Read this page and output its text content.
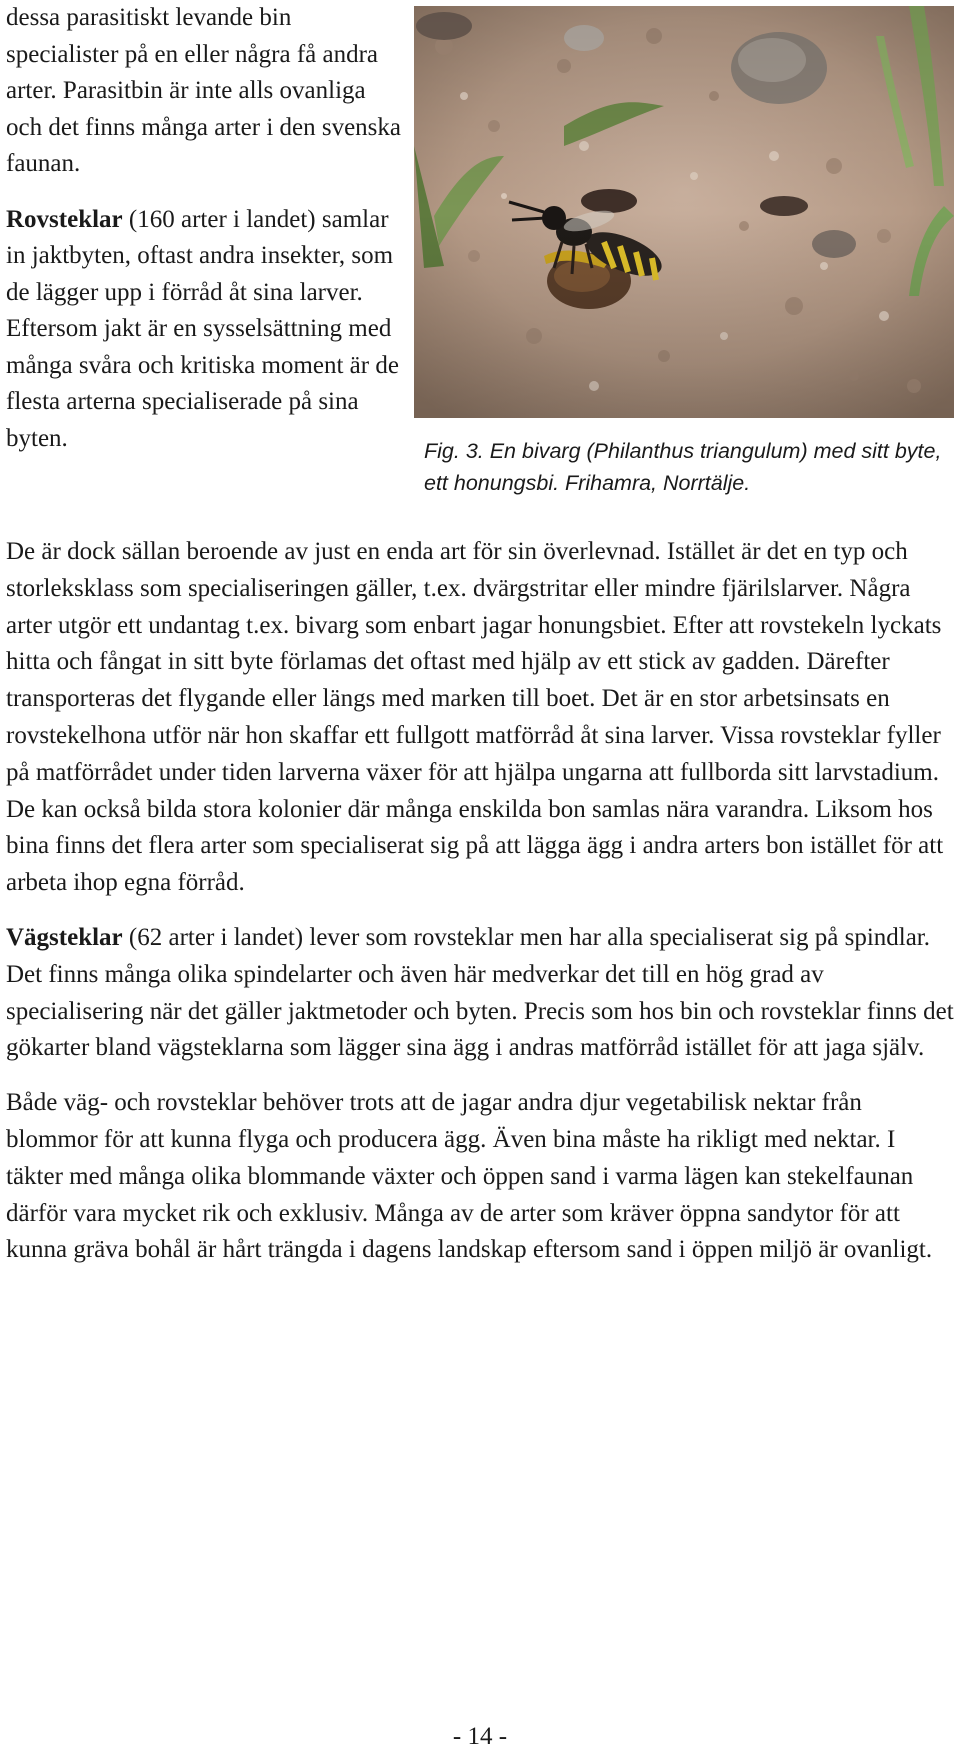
dessa parasitiskt levande bin specialister på en eller några få andra arter. Parasitbin är inte alls ovanliga och det finns många arter i den svenska faunan.

Rovsteklar (160 arter i landet) samlar in jaktbyten, oftast andra insekter, som de lägger upp i förråd åt sina larver. Eftersom jakt är en sysselsättning med många svåra och kritiska moment är de flesta arterna specialiserade på sina byten.	Fig. 3. En bivarg (Philanthus triangulum) med sitt byte, ett honungsbi. Frihamra, Norrtälje.

De är dock sällan beroende av just en enda art för sin överlevnad. Istället är det en typ och storleksklass som specialiseringen gäller, t.ex. dvärgstritar eller mindre fjärilslarver. Några arter utgör ett undantag t.ex. bivarg som enbart jagar honungsbiet. Efter att rovstekeln lyckats hitta och fångat in sitt byte förlamas det oftast med hjälp av ett stick av gadden. Därefter transporteras det flygande eller längs med marken till boet. Det är en stor arbetsinsats en rovstekelhona utför när hon skaffar ett fullgott matförråd åt sina larver. Vissa rovsteklar fyller på matförrådet under tiden larverna växer för att hjälpa ungarna att fullborda sitt larvstadium. De kan också bilda stora kolonier där många enskilda bon samlas nära varandra. Liksom hos bina finns det flera arter som specialiserat sig på att lägga ägg i andra arters bon istället för att arbeta ihop egna förråd.

Vägsteklar (62 arter i landet) lever som rovsteklar men har alla specialiserat sig på spindlar. Det finns många olika spindelarter och även här medverkar det till en hög grad av specialisering när det gäller jaktmetoder och byten. Precis som hos bin och rovsteklar finns det gökarter bland vägsteklarna som lägger sina ägg i andras matförråd istället för att jaga själv.

Både väg- och rovsteklar behöver trots att de jagar andra djur vegetabilisk nektar från blommor för att kunna flyga och producera ägg. Även bina måste ha rikligt med nektar. I täkter med många olika blommande växter och öppen sand i varma lägen kan stekelfaunan därför vara mycket rik och exklusiv. Många av de arter som kräver öppna sandytor för att kunna gräva bohål är hårt trängda i dagens landskap eftersom sand i öppen miljö är ovanligt.

- 14 -
